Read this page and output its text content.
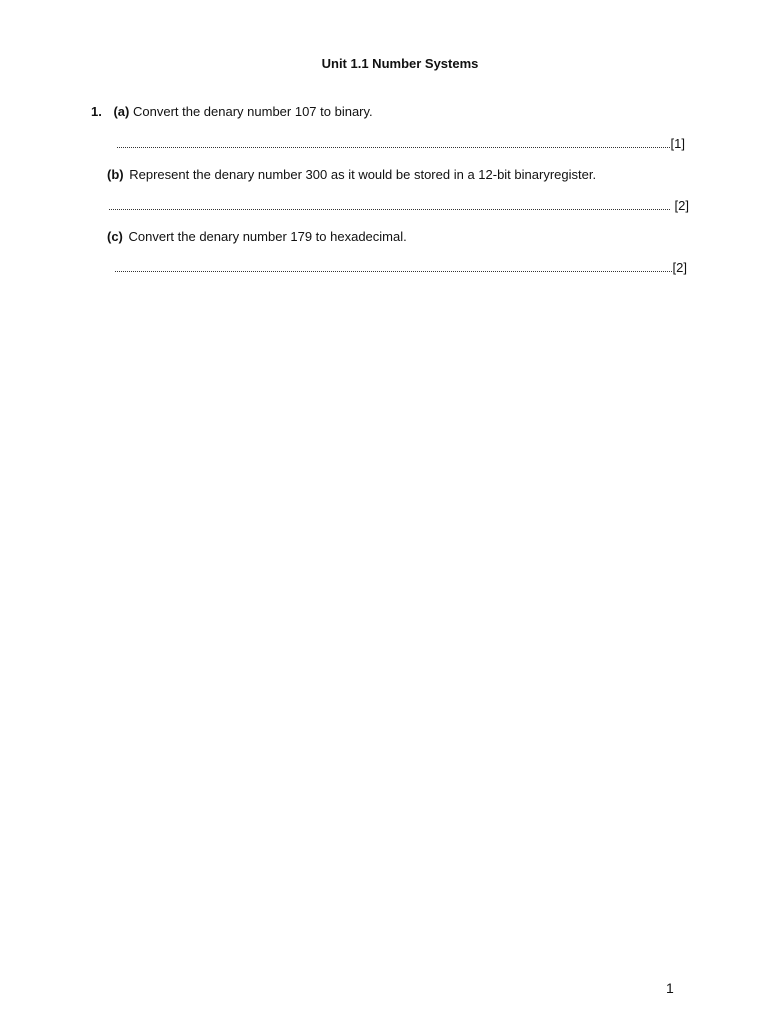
Unit 1.1 Number Systems
1. (a) Convert the denary number 107 to binary.
[1]
(b) Represent the denary number 300 as it would be stored in a 12-bit binaryregister.
[2]
(c) Convert the denary number 179 to hexadecimal.
[2]
1
